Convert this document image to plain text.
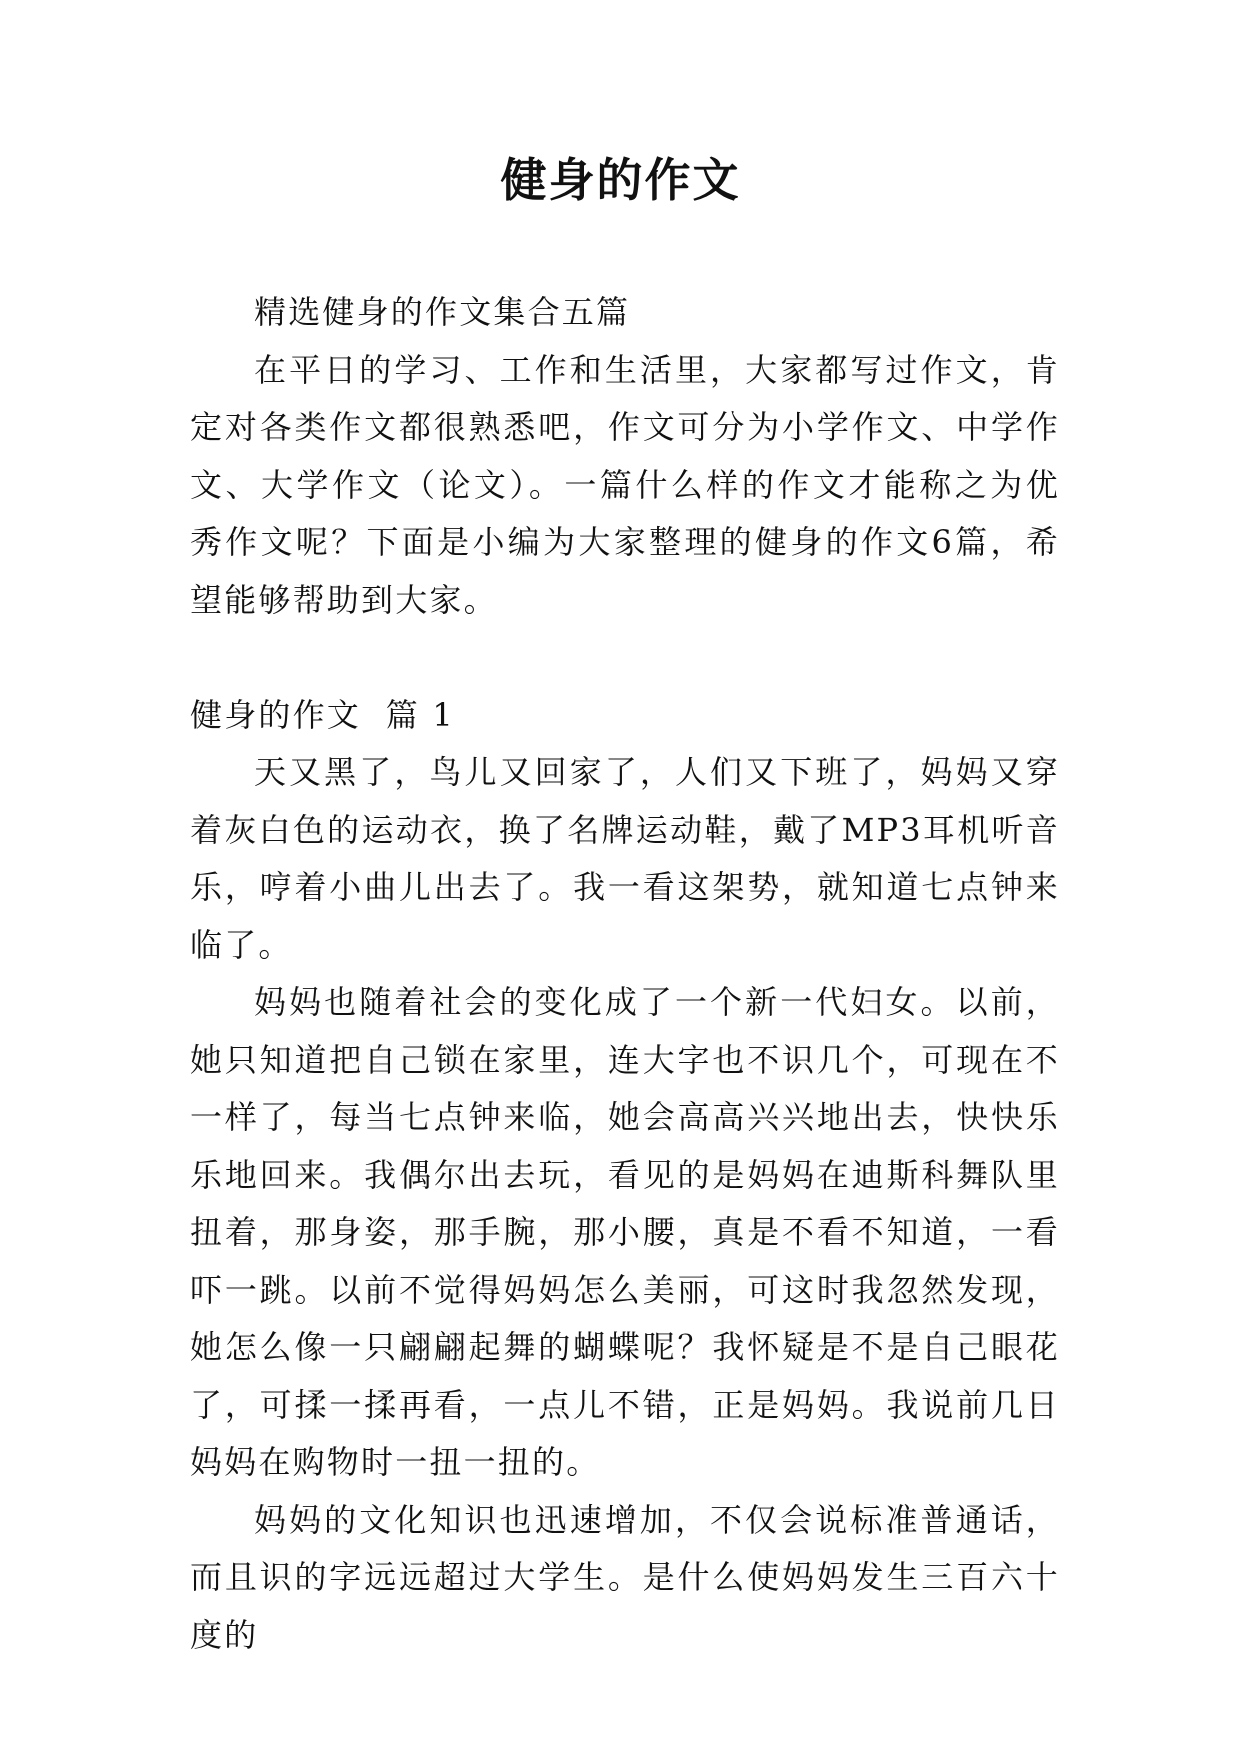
健身的作文

精选健身的作文集合五篇

在平日的学习、工作和生活里，大家都写过作文，肯定对各类作文都很熟悉吧，作文可分为小学作文、中学作文、大学作文（论文）。一篇什么样的作文才能称之为优秀作文呢？下面是小编为大家整理的健身的作文6篇，希望能够帮助到大家。

健身的作文  篇 1

天又黑了，鸟儿又回家了，人们又下班了，妈妈又穿着灰白色的运动衣，换了名牌运动鞋，戴了MP3耳机听音乐，哼着小曲儿出去了。我一看这架势，就知道七点钟来临了。

妈妈也随着社会的变化成了一个新一代妇女。以前，她只知道把自己锁在家里，连大字也不识几个，可现在不一样了，每当七点钟来临，她会高高兴兴地出去，快快乐乐地回来。我偶尔出去玩，看见的是妈妈在迪斯科舞队里扭着，那身姿，那手腕，那小腰，真是不看不知道，一看吓一跳。以前不觉得妈妈怎么美丽，可这时我忽然发现，她怎么像一只翩翩起舞的蝴蝶呢？我怀疑是不是自己眼花了，可揉一揉再看，一点儿不错，正是妈妈。我说前几日妈妈在购物时一扭一扭的。

妈妈的文化知识也迅速增加，不仅会说标准普通话，而且识的字远远超过大学生。是什么使妈妈发生三百六十度的
